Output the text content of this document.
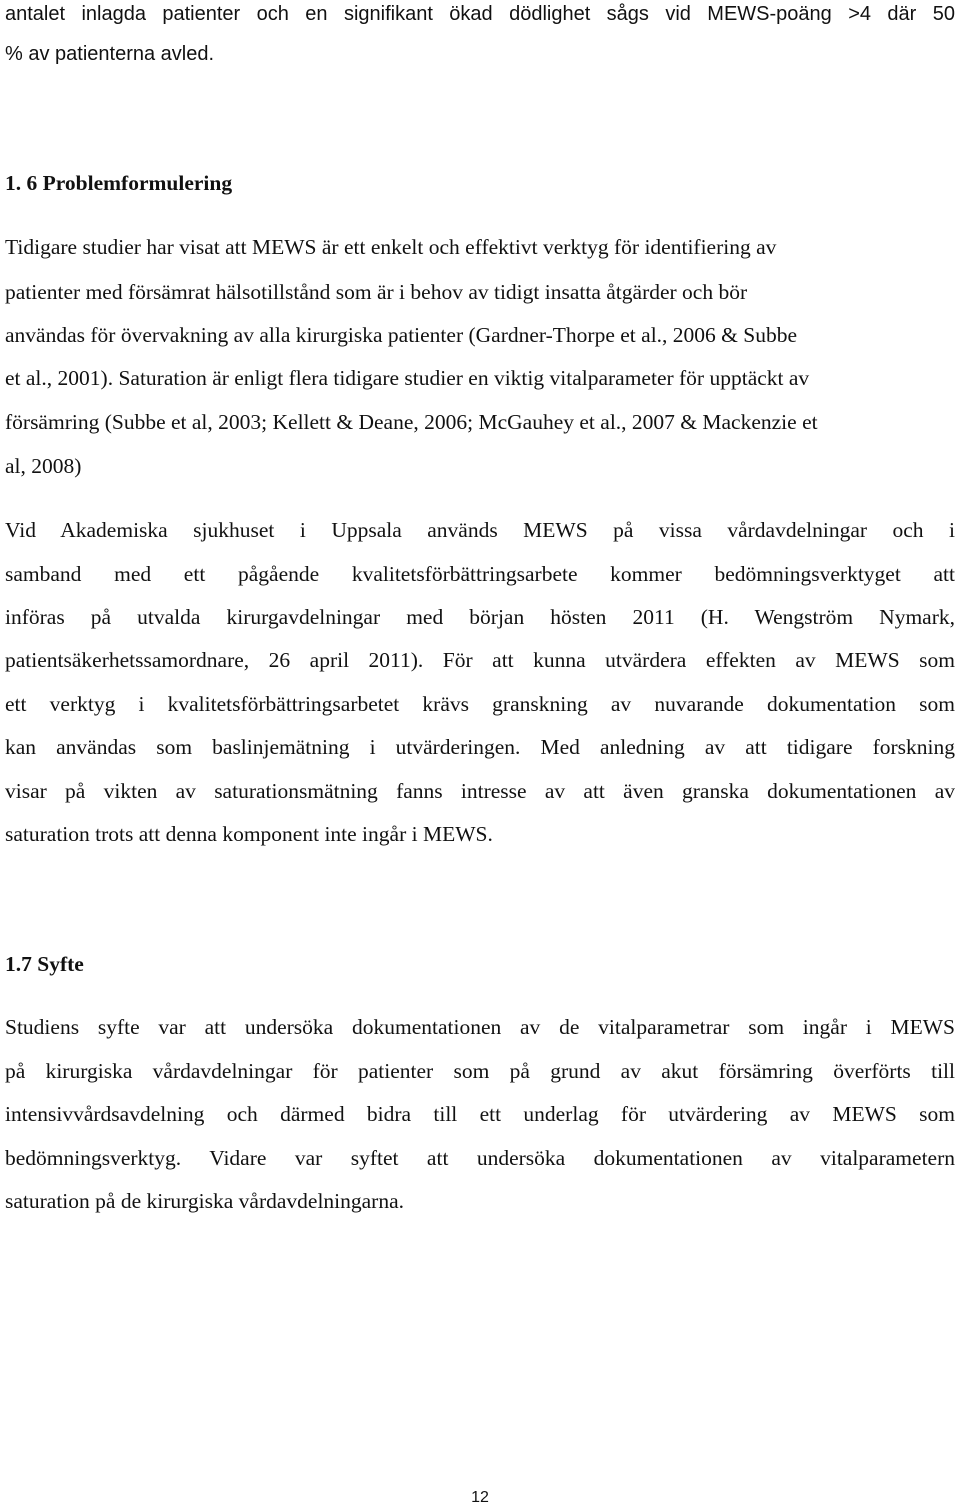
antalet inlagda patienter och en signifikant ökad dödlighet sågs vid MEWS-poäng >4 där 50
% av patienterna avled.
1. 6 Problemformulering
Tidigare studier har visat att MEWS är ett enkelt och effektivt verktyg för identifiering av
patienter med försämrat hälsotillstånd som är i behov av tidigt insatta åtgärder och bör
användas för övervakning av alla kirurgiska patienter (Gardner-Thorpe et al., 2006 & Subbe
et al., 2001). Saturation är enligt flera tidigare studier en viktig vitalparameter för upptäckt av
försämring (Subbe et al, 2003; Kellett & Deane, 2006; McGauhey et al., 2007 & Mackenzie et
al, 2008)
Vid Akademiska sjukhuset i Uppsala används MEWS på vissa vårdavdelningar och i
samband med ett pågående kvalitetsförbättringsarbete kommer bedömningsverktyget att
införas på utvalda kirurgavdelningar med början hösten 2011 (H. Wengström Nymark,
patientsäkerhetssamordnare, 26 april 2011). För att kunna utvärdera effekten av MEWS som
ett verktyg i kvalitetsförbättringsarbetet krävs granskning av nuvarande dokumentation som
kan användas som baslinjemätning i utvärderingen. Med anledning av att tidigare forskning
visar på vikten av saturationsmätning fanns intresse av att även granska dokumentationen av
saturation trots att denna komponent inte ingår i MEWS.
1.7 Syfte
Studiens syfte var att undersöka dokumentationen av de vitalparametrar som ingår i MEWS
på kirurgiska vårdavdelningar för patienter som på grund av akut försämring överförts till
intensivvårdsavdelning och därmed bidra till ett underlag för utvärdering av MEWS som
bedömningsverktyg. Vidare var syftet att undersöka dokumentationen av vitalparametern
saturation på de kirurgiska vårdavdelningarna.
12
